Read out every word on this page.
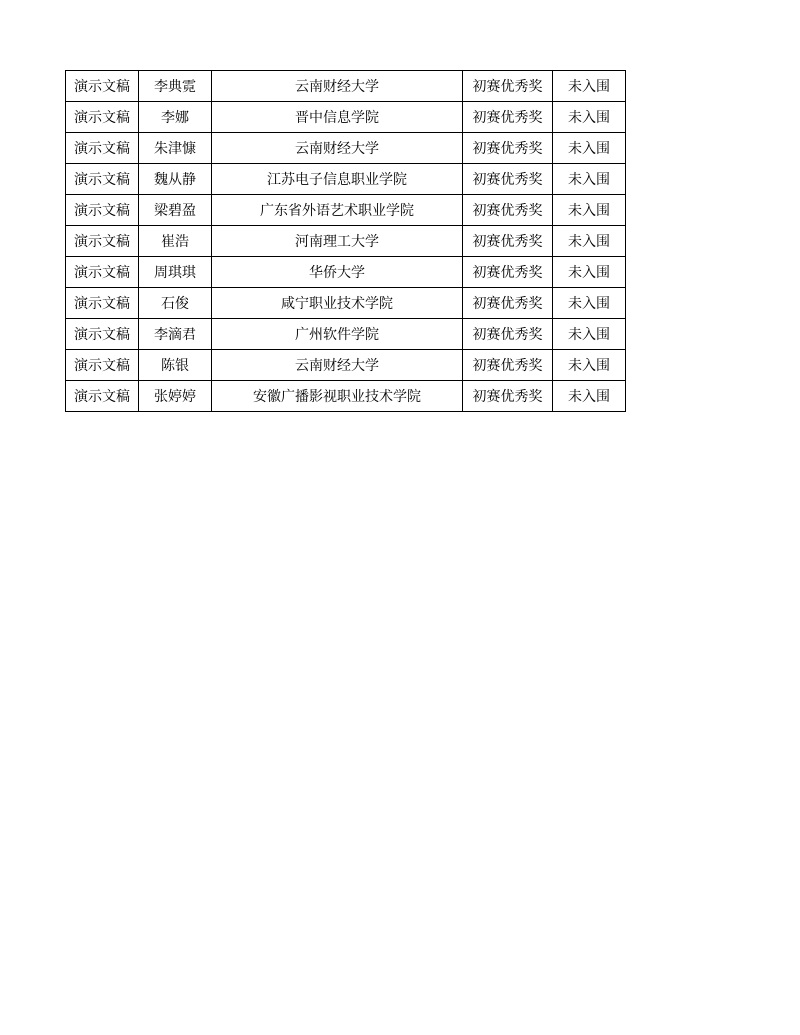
演示文稿	李典霓	云南财经大学	初赛优秀奖	未入围
演示文稿	李娜	晋中信息学院	初赛优秀奖	未入围
演示文稿	朱津慷	云南财经大学	初赛优秀奖	未入围
演示文稿	魏从静	江苏电子信息职业学院	初赛优秀奖	未入围
演示文稿	梁碧盈	广东省外语艺术职业学院	初赛优秀奖	未入围
演示文稿	崔浩	河南理工大学	初赛优秀奖	未入围
演示文稿	周琪琪	华侨大学	初赛优秀奖	未入围
演示文稿	石俊	咸宁职业技术学院	初赛优秀奖	未入围
演示文稿	李滴君	广州软件学院	初赛优秀奖	未入围
演示文稿	陈银	云南财经大学	初赛优秀奖	未入围
演示文稿	张婷婷	安徽广播影视职业技术学院	初赛优秀奖	未入围
